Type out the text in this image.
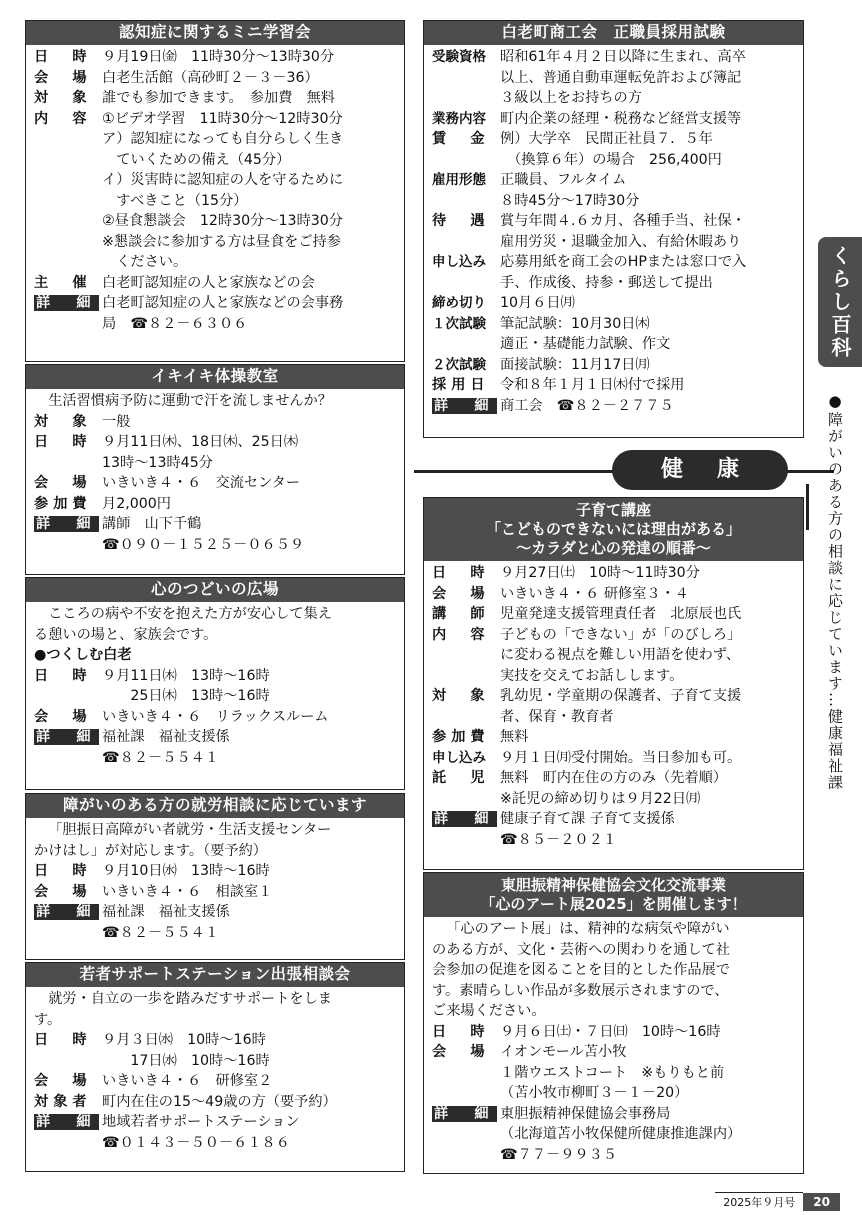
認知症に関するミニ学習会
日　時 ９月19日㈮　11時30分～13時30分
会　場 白老生活館（高砂町２－３－36）
対　象 誰でも参加できます。　参加費　無料
内　容 ①ビデオ学習　11時30分～12時30分
ア）認知症になっても自分らしく生き
　ていくための備え（45分）
イ）災害時に認知症の人を守るために
　すべきこと（15分）
②昼食懇談会　12時30分～13時30分
※懇談会に参加する方は昼食をご持参
　ください。
主　催 白老町認知症の人と家族などの会
詳　細 白老町認知症の人と家族などの会事務
局　☎８２－６３０６
イキイキ体操教室
生活習慣病予防に運動で汗を流しませんか？
対　象 一般
日　時 ９月11日㈭、18日㈭、25日㈭
13時～13時45分
会　場 いきいき４・６　交流センター
参加費 月2,000円
詳　細 講師　山下千鶴
☎０９０－１５２５－０６５９
心のつどいの広場
こころの病や不安を抱えた方が安心して集え
る憩いの場と、家族会です。
●つくしむ白老
日　時 ９月11日㈭　13時～16時
　　25日㈭　13時～16時
会　場 いきいき４・６　リラックスルーム
詳　細 福祉課　福祉支援係
☎８２－５５４１
障がいのある方の就労相談に応じています
「胆振日高障がい者就労・生活支援センター
かけはし」が対応します。（要予約）
日　時 ９月10日㈬　13時～16時
会　場 いきいき４・６　相談室１
詳　細 福祉課　福祉支援係
☎８２－５５４１
若者サポートステーション出張相談会
就労・自立の一歩を踏みだすサポートをしま
す。
日　時 ９月３日㈬　10時～16時
　　17日㈬　10時～16時
会　場 いきいき４・６　研修室２
対象者 町内在住の15～49歳の方（要予約）
詳　細 地域若者サポートステーション
☎０１４３－５０－６１８６
白老町商工会　正職員採用試験
受験資格 昭和61年４月２日以降に生まれ、高卒
以上、普通自動車運転免許および簿記
３級以上をお持ちの方
業務内容 町内企業の経理・税務など経営支援等
賃　金 例）大学卒　民間正社員７．５年
　（換算６年）の場合　256,400円
雇用形態 正職員、フルタイム
８時45分～17時30分
待　遇 賞与年間４.６カ月、各種手当、社保・
雇用労災・退職金加入、有給休暇あり
申し込み 応募用紙を商工会のHPまたは窓口で入
手、作成後、持参・郵送して提出
締め切り 10月６日㈪
１次試験 筆記試験：10月30日㈭
適正・基礎能力試験、作文
２次試験 面接試験：11月17日㈪
採用日 令和８年１月１日㈭付で採用
詳　細 商工会　☎８２－２７７５
健康
子育て講座
「こどものできないには理由がある」
～カラダと心の発達の順番～
日　時 ９月27日㈯　10時～11時30分
会　場 いきいき４・６ 研修室３・４
講　師 児童発達支援管理責任者　北原辰也氏
内　容 子どもの「できない」が「のびしろ」
に変わる視点を難しい用語を使わず、
実技を交えてお話しします。
対　象 乳幼児・学童期の保護者、子育て支援
者、保育・教育者
参加費 無料
申し込み ９月１日㈪受付開始。当日参加も可。
託　児 無料　町内在住の方のみ（先着順）
※託児の締め切りは９月22日㈪
詳　細 健康子育て課 子育て支援係
☎８５－２０２１
東胆振精神保健協会文化交流事業
「心のアート展2025」を開催します！
「心のアート展」は、精神的な病気や障がい
のある方が、文化・芸術への関わりを通して社
会参加の促進を図ることを目的とした作品展で
す。素晴らしい作品が多数展示されますので、
ご来場ください。
日　時 ９月６日㈯・７日㈰　10時～16時
会　場 イオンモール苫小牧
１階ウエストコート　※もりもと前
（苫小牧市柳町３－１－20）
詳　細 東胆振精神保健協会事務局
（北海道苫小牧保健所健康推進課内）
☎７７－９９３５
くらし百科
●障がいのある方の相談に応じています…健康福祉課
2025年９月号	20
